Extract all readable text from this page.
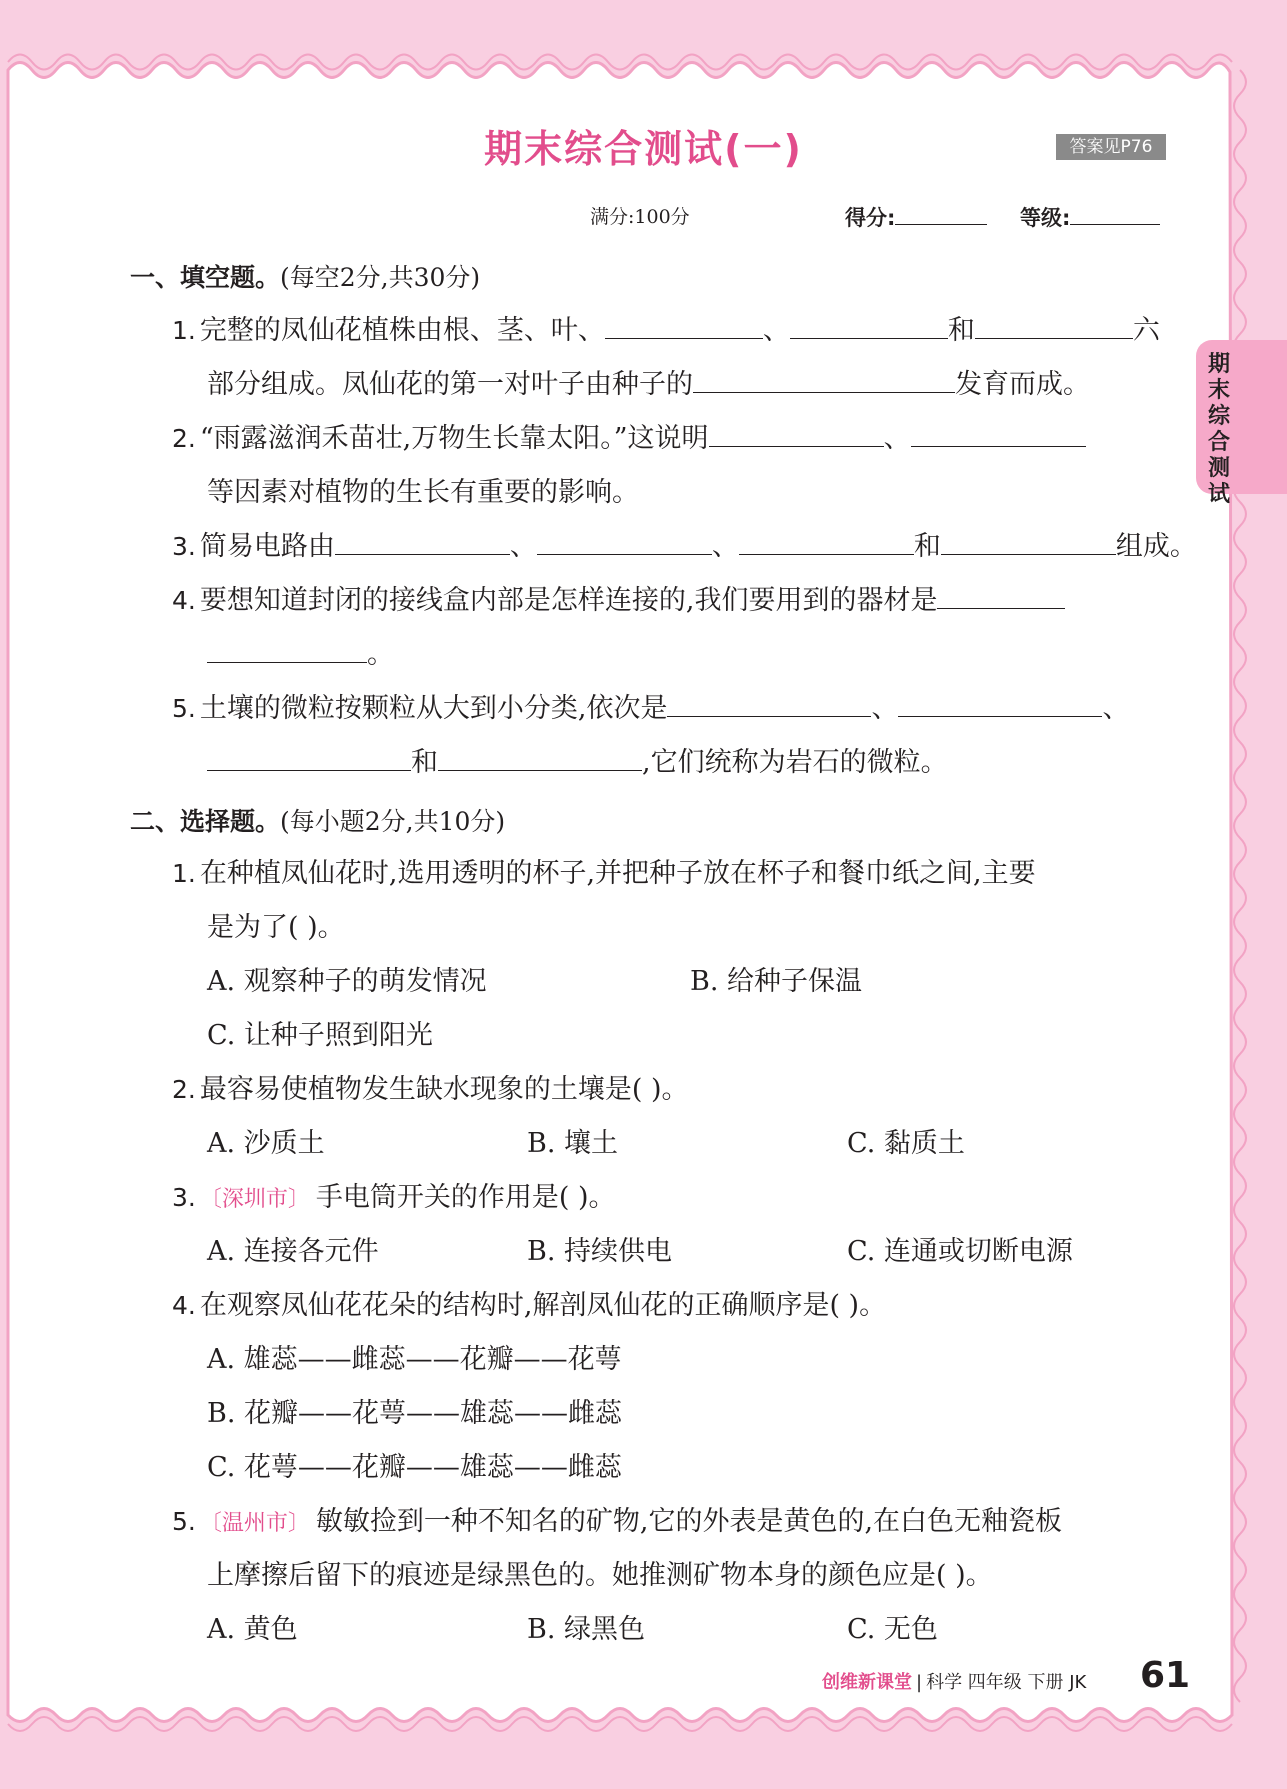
期末综合测试
期末综合测试(一)	答案见P76
满分:100分	得分:	等级:
一、填空题。(每空2分,共30分)
1. 完整的凤仙花植株由根、茎、叶、	、	和	六
部分组成。凤仙花的第一对叶子由种子的	发育而成。
2. “雨露滋润禾苗壮,万物生长靠太阳。”这说明	、
等因素对植物的生长有重要的影响。
3. 简易电路由	、	、	和	组成。
4. 要想知道封闭的接线盒内部是怎样连接的,我们要用到的器材是
。
5. 土壤的微粒按颗粒从大到小分类,依次是	、	、
和	,它们统称为岩石的微粒。
二、选择题。(每小题2分,共10分)
1. 在种植凤仙花时,选用透明的杯子,并把种子放在杯子和餐巾纸之间,主要
是为了( )。
A. 观察种子的萌发情况	B. 给种子保温
C. 让种子照到阳光
2. 最容易使植物发生缺水现象的土壤是( )。
A. 沙质土	B. 壤土	C. 黏质土
3. 〔深圳市〕 手电筒开关的作用是( )。
A. 连接各元件	B. 持续供电	C. 连通或切断电源
4. 在观察凤仙花花朵的结构时,解剖凤仙花的正确顺序是( )。
A. 雄蕊——雌蕊——花瓣——花萼
B. 花瓣——花萼——雄蕊——雌蕊
C. 花萼——花瓣——雄蕊——雌蕊
5. 〔温州市〕 敏敏捡到一种不知名的矿物,它的外表是黄色的,在白色无釉瓷板
上摩擦后留下的痕迹是绿黑色的。她推测矿物本身的颜色应是( )。
A. 黄色	B. 绿黑色	C. 无色
创维新课堂 | 科学 四年级 下册 JK 61
